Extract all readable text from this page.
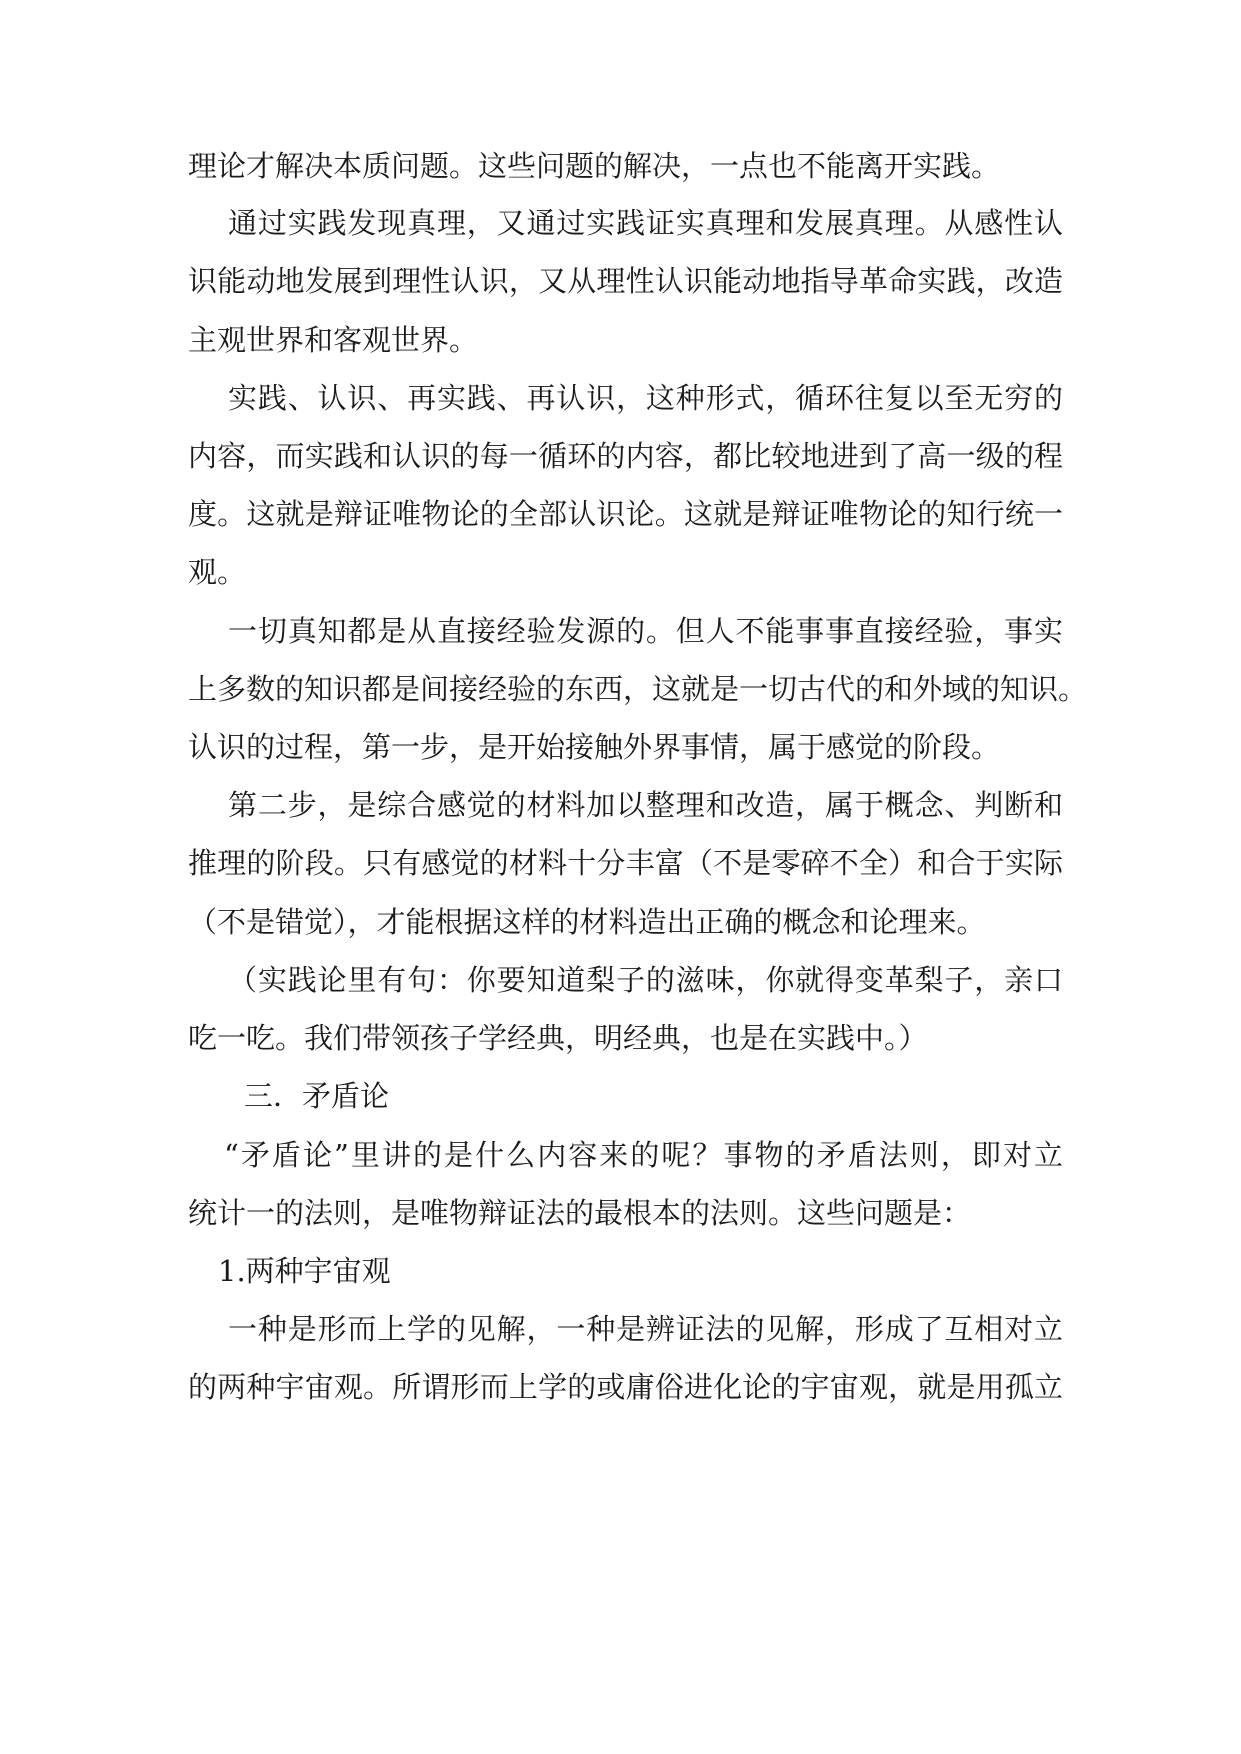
理论才解决本质问题。这些问题的解决，一点也不能离开实践。
通过实践发现真理，又通过实践证实真理和发展真理。从感性认
识能动地发展到理性认识，又从理性认识能动地指导革命实践，改造
主观世界和客观世界。
实践、认识、再实践、再认识，这种形式，循环往复以至无穷的
内容，而实践和认识的每一循环的内容，都比较地进到了高一级的程
度。这就是辩证唯物论的全部认识论。这就是辩证唯物论的知行统一
观。
一切真知都是从直接经验发源的。但人不能事事直接经验，事实
上多数的知识都是间接经验的东西，这就是一切古代的和外域的知识。
认识的过程，第一步，是开始接触外界事情，属于感觉的阶段。
第二步，是综合感觉的材料加以整理和改造，属于概念、判断和
推理的阶段。只有感觉的材料十分丰富（不是零碎不全）和合于实际
（不是错觉），才能根据这样的材料造出正确的概念和论理来。
（实践论里有句：你要知道梨子的滋味，你就得变革梨子，亲口
吃一吃。我们带领孩子学经典，明经典，也是在实践中。）
三．矛盾论
“矛盾论”里讲的是什么内容来的呢？事物的矛盾法则，即对立
统计一的法则，是唯物辩证法的最根本的法则。这些问题是：
1.两种宇宙观
一种是形而上学的见解，一种是辨证法的见解，形成了互相对立
的两种宇宙观。所谓形而上学的或庸俗进化论的宇宙观，就是用孤立
